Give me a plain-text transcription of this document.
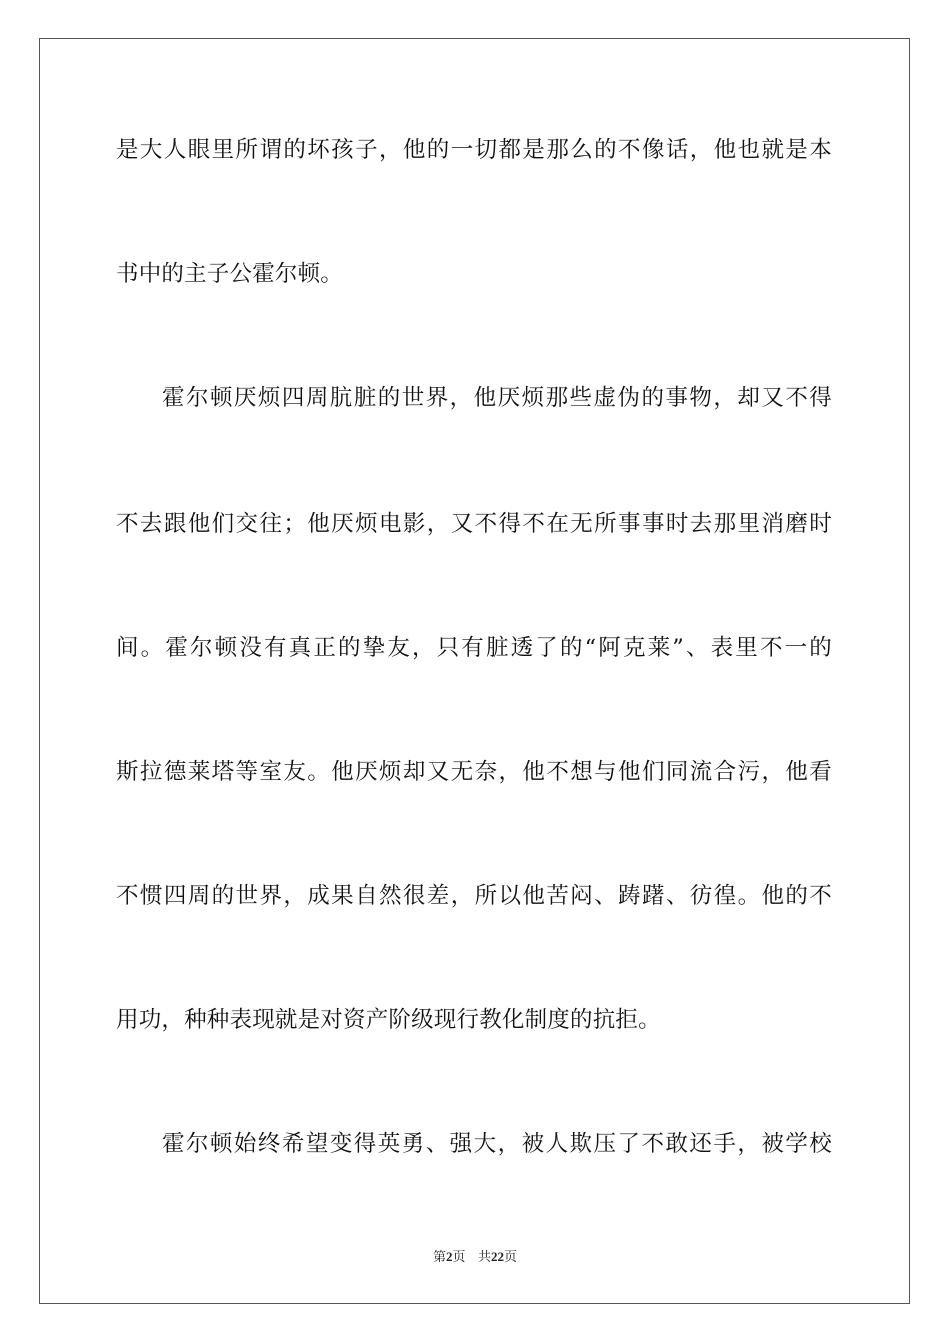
是大人眼里所谓的坏孩子，他的一切都是那么的不像话，他也就是本
书中的主子公霍尔顿。
霍尔顿厌烦四周肮脏的世界，他厌烦那些虚伪的事物，却又不得
不去跟他们交往；他厌烦电影，又不得不在无所事事时去那里消磨时
间。霍尔顿没有真正的挚友，只有脏透了的“阿克莱”、表里不一的
斯拉德莱塔等室友。他厌烦却又无奈，他不想与他们同流合污，他看
不惯四周的世界，成果自然很差，所以他苦闷、踌躇、彷徨。他的不
用功，种种表现就是对资产阶级现行教化制度的抗拒。
霍尔顿始终希望变得英勇、强大，被人欺压了不敢还手，被学校
第2页 共22页
